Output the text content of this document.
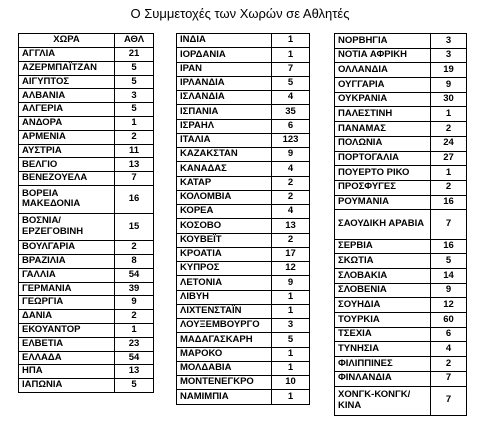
Ο Συμμετοχές των Χωρών σε Αθλητές
ΧΩΡΑ	ΑΘΛ
ΑΓΓΛΙΑ	21
ΑΖΕΡΜΠΑΪΤΖΑΝ	5
ΑΙΓΥΠΤΟΣ	5
ΑΛΒΑΝΙΑ	3
ΑΛΓΕΡΙΑ	5
ΑΝΔΟΡΑ	1
ΑΡΜΕΝΙΑ	2
ΑΥΣΤΡΙΑ	11
ΒΕΛΓΙΟ	13
ΒΕΝΕΖΟΥΕΛΑ	7
ΒΟΡΕΙΑ ΜΑΚΕΔΟΝΙΑ	16
ΒΟΣΝΙΑ/ΕΡΖΕΓΟΒΙΝΗ	15
ΒΟΥΛΓΑΡΙΑ	2
ΒΡΑΖΙΛΙΑ	8
ΓΑΛΛΙΑ	54
ΓΕΡΜΑΝΙΑ	39
ΓΕΩΡΓΙΑ	9
ΔΑΝΙΑ	2
ΕΚΟΥΑΝΤΟΡ	1
ΕΛΒΕΤΙΑ	23
ΕΛΛΑΔΑ	54
ΗΠΑ	13
ΙΑΠΩΝΙΑ	5
ΙΝΔΙΑ	1
ΙΟΡΔΑΝΙΑ	1
ΙΡΑΝ	7
ΙΡΛΑΝΔΙΑ	5
ΙΣΛΑΝΔΙΑ	4
ΙΣΠΑΝΙΑ	35
ΙΣΡΑΗΛ	6
ΙΤΑΛΙΑ	123
ΚΑΖΑΚΣΤΑΝ	9
ΚΑΝΑΔΑΣ	4
ΚΑΤΑΡ	2
ΚΟΛΟΜΒΙΑ	2
ΚΟΡΕΑ	4
ΚΟΣΟΒΟ	13
ΚΟΥΒΕΪΤ	2
ΚΡΟΑΤΙΑ	17
ΚΥΠΡΟΣ	12
ΛΕΤΟΝΙΑ	9
ΛΙΒΥΗ	1
ΛΙΧΤΕΝΣΤΑΪΝ	1
ΛΟΥΞΕΜΒΟΥΡΓΟ	3
ΜΑΔΑΓΑΣΚΑΡΗ	5
ΜΑΡΟΚΟ	1
ΜΟΛΔΑΒΙΑ	1
ΜΟΝΤΕΝΕΓΚΡΟ	10
ΝΑΜΙΜΠΙΑ	1
ΝΟΡΒΗΓΙΑ	3
ΝΟΤΙΑ ΑΦΡΙΚΗ	3
ΟΛΛΑΝΔΙΑ	19
ΟΥΓΓΑΡΙΑ	9
ΟΥΚΡΑΝΙΑ	30
ΠΑΛΕΣΤΙΝΗ	1
ΠΑΝΑΜΑΣ	2
ΠΟΛΩΝΙΑ	24
ΠΟΡΤΟΓΑΛΙΑ	27
ΠΟΥΕΡΤΟ ΡΙΚΟ	1
ΠΡΟΣΦΥΓΕΣ	2
ΡΟΥΜΑΝΙΑ	16
ΣΑΟΥΔΙΚΗ ΑΡΑΒΙΑ	7
ΣΕΡΒΙΑ	16
ΣΚΩΤΙΑ	5
ΣΛΟΒΑΚΙΑ	14
ΣΛΟΒΕΝΙΑ	9
ΣΟΥΗΔΙΑ	12
ΤΟΥΡΚΙΑ	60
ΤΣΕΧΙΑ	6
ΤΥΝΗΣΙΑ	4
ΦΙΛΙΠΠΙΝΕΣ	2
ΦΙΝΛΑΝΔΙΑ	7
ΧΟΝΓΚ-ΚΟΝΓΚ/ΚΙΝΑ	7
